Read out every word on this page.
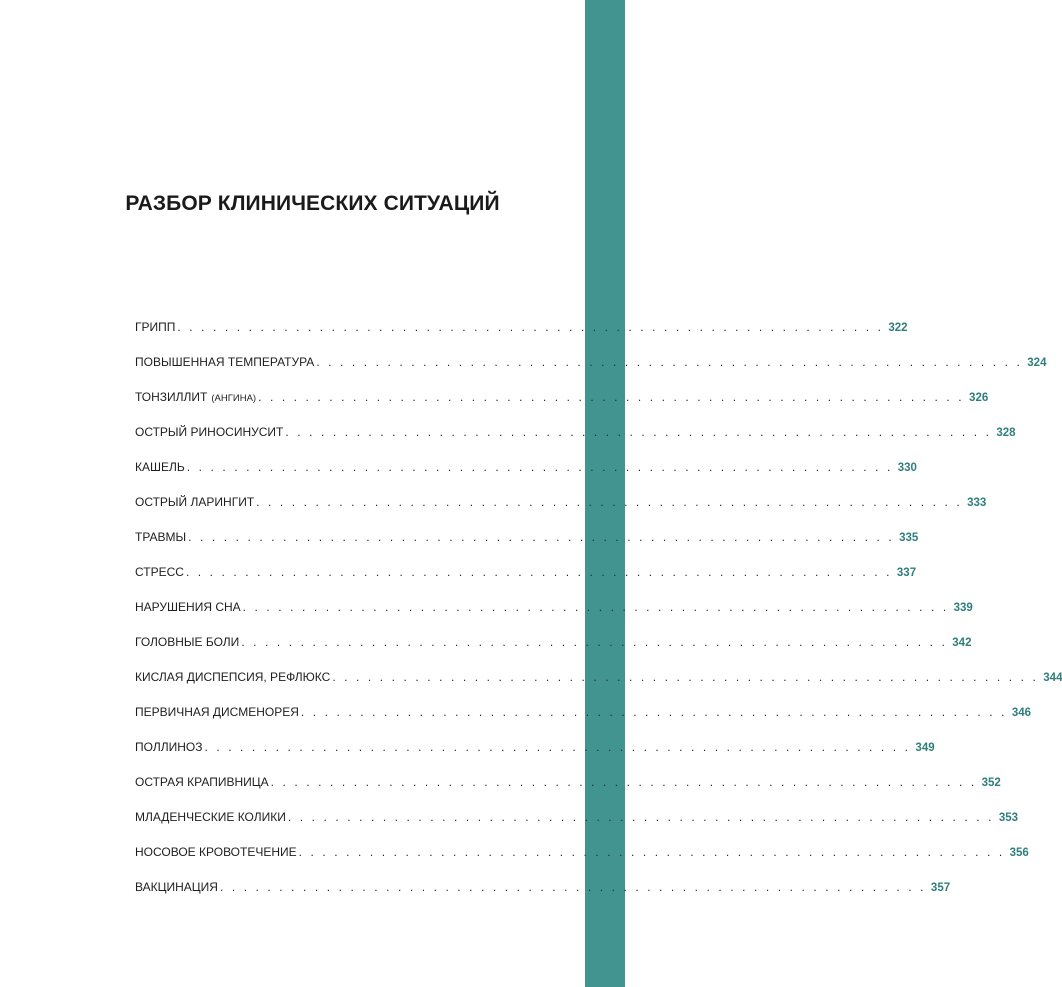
РАЗБОР КЛИНИЧЕСКИХ СИТУАЦИЙ
ГРИПП . . . . . . . . . . . . . . . . . . . . . . . . . . . . . . . . . . . . . . . . . . . . . . . . . . . . . . . . . . . . 322
ПОВЫШЕННАЯ ТЕМПЕРАТУРА . . . . . . . . . . . . . . . . . . . . . . . . . . . . . . . . . . . . . . . . . . . . . . . . . . . . . . . . . . . . 324
ТОНЗИЛЛИТ (АНГИНА) . . . . . . . . . . . . . . . . . . . . . . . . . . . . . . . . . . . . . . . . . . . . . . . . . . . . . . . . . . . . 326
ОСТРЫЙ РИНОСИНУСИТ . . . . . . . . . . . . . . . . . . . . . . . . . . . . . . . . . . . . . . . . . . . . . . . . . . . . . . . . . . . . 328
КАШЕЛЬ . . . . . . . . . . . . . . . . . . . . . . . . . . . . . . . . . . . . . . . . . . . . . . . . . . . . . . . . . . . . 330
ОСТРЫЙ ЛАРИНГИТ . . . . . . . . . . . . . . . . . . . . . . . . . . . . . . . . . . . . . . . . . . . . . . . . . . . . . . . . . . . . 333
ТРАВМЫ . . . . . . . . . . . . . . . . . . . . . . . . . . . . . . . . . . . . . . . . . . . . . . . . . . . . . . . . . . . . 335
СТРЕСС . . . . . . . . . . . . . . . . . . . . . . . . . . . . . . . . . . . . . . . . . . . . . . . . . . . . . . . . . . . . 337
НАРУШЕНИЯ СНА . . . . . . . . . . . . . . . . . . . . . . . . . . . . . . . . . . . . . . . . . . . . . . . . . . . . . . . . . . . . 339
ГОЛОВНЫЕ БОЛИ . . . . . . . . . . . . . . . . . . . . . . . . . . . . . . . . . . . . . . . . . . . . . . . . . . . . . . . . . . . . 342
КИСЛАЯ ДИСПЕПСИЯ, РЕФЛЮКС . . . . . . . . . . . . . . . . . . . . . . . . . . . . . . . . . . . . . . . . . . . . . . . . . . . . . . . . . . . . 344
ПЕРВИЧНАЯ ДИСМЕНОРЕЯ . . . . . . . . . . . . . . . . . . . . . . . . . . . . . . . . . . . . . . . . . . . . . . . . . . . . . . . . . . . . 346
ПОЛЛИНОЗ . . . . . . . . . . . . . . . . . . . . . . . . . . . . . . . . . . . . . . . . . . . . . . . . . . . . . . . . . . . . 349
ОСТРАЯ КРАПИВНИЦА . . . . . . . . . . . . . . . . . . . . . . . . . . . . . . . . . . . . . . . . . . . . . . . . . . . . . . . . . . . . 352
МЛАДЕНЧЕСКИЕ КОЛИКИ . . . . . . . . . . . . . . . . . . . . . . . . . . . . . . . . . . . . . . . . . . . . . . . . . . . . . . . . . . . . 353
НОСОВОЕ КРОВОТЕЧЕНИЕ . . . . . . . . . . . . . . . . . . . . . . . . . . . . . . . . . . . . . . . . . . . . . . . . . . . . . . . . . . . . 356
ВАКЦИНАЦИЯ . . . . . . . . . . . . . . . . . . . . . . . . . . . . . . . . . . . . . . . . . . . . . . . . . . . . . . . . . . . . 357
